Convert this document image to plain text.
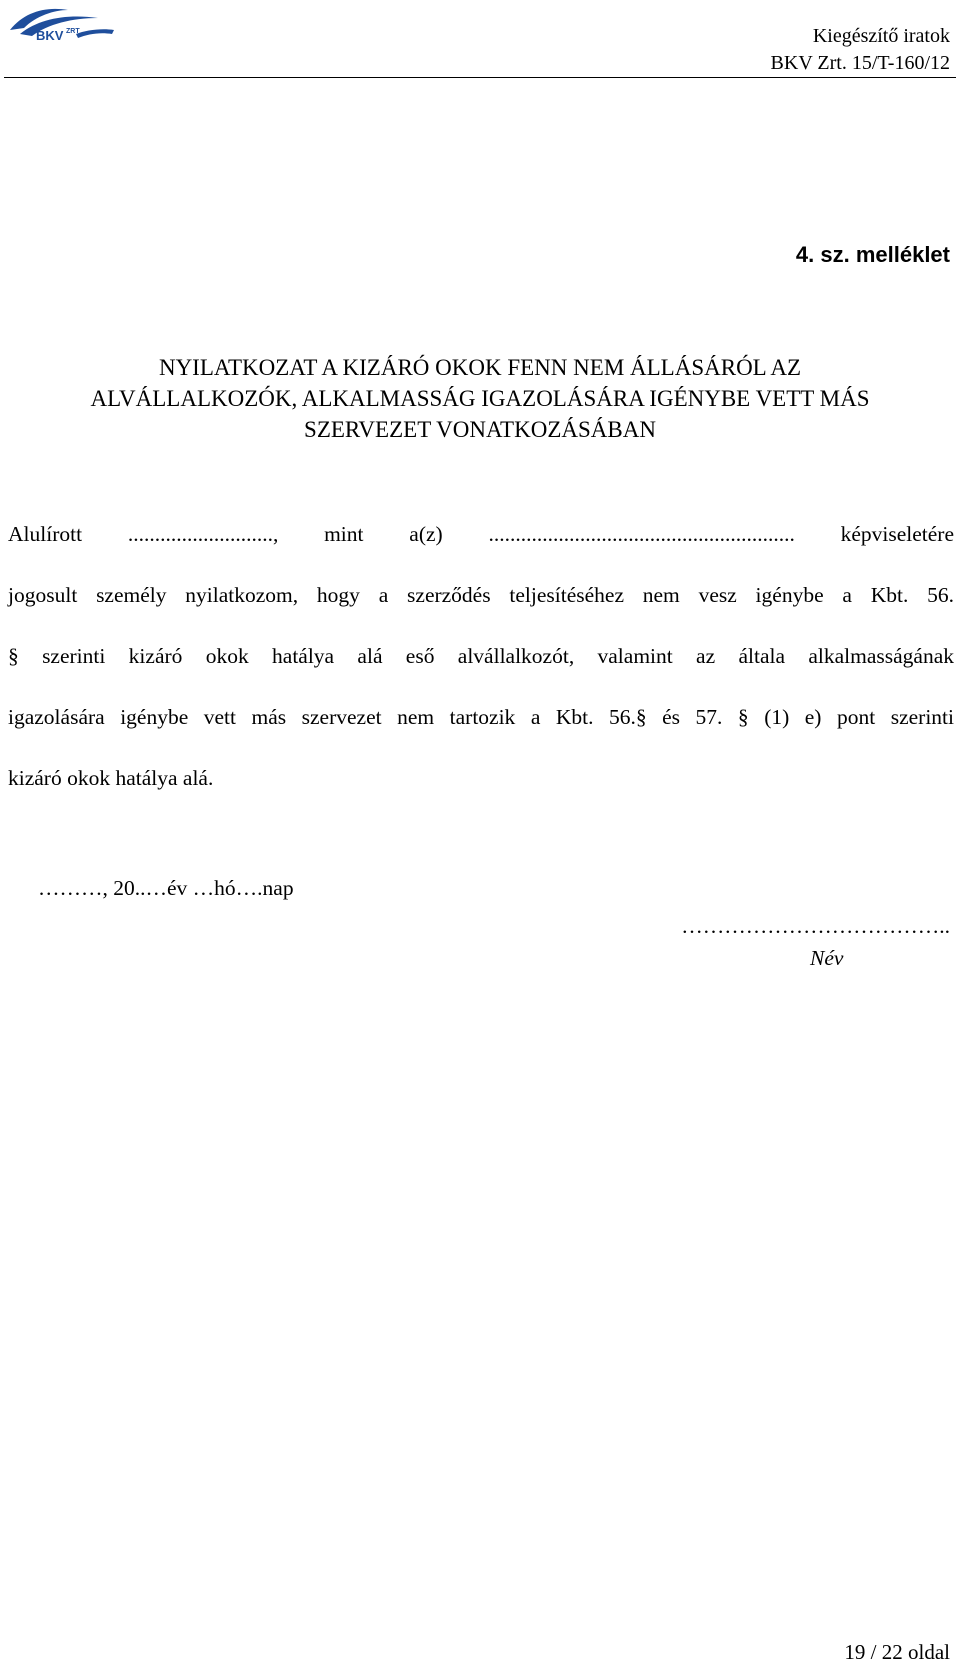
BKV ZRT	Kiegészítő iratok
BKV Zrt. 15/T-160/12
4. sz. melléklet
NYILATKOZAT A KIZÁRÓ OKOK FENN NEM ÁLLÁSÁRÓL AZ
ALVÁLLALKOZÓK, ALKALMASSÁG IGAZOLÁSÁRA IGÉNYBE VETT MÁS
SZERVEZET VONATKOZÁSÁBAN
Alulírott ..........................., mint a(z) ......................................................... képviseletére
jogosult személy nyilatkozom, hogy a szerződés teljesítéséhez nem vesz igénybe a Kbt. 56.
§ szerinti kizáró okok hatálya alá eső alvállalkozót, valamint az általa alkalmasságának
igazolására igénybe vett más szervezet nem tartozik a Kbt. 56.§ és 57. § (1) e) pont szerinti
kizáró okok hatálya alá.
………, 20..…év …hó….nap
………………………………..
Név
19 / 22 oldal
